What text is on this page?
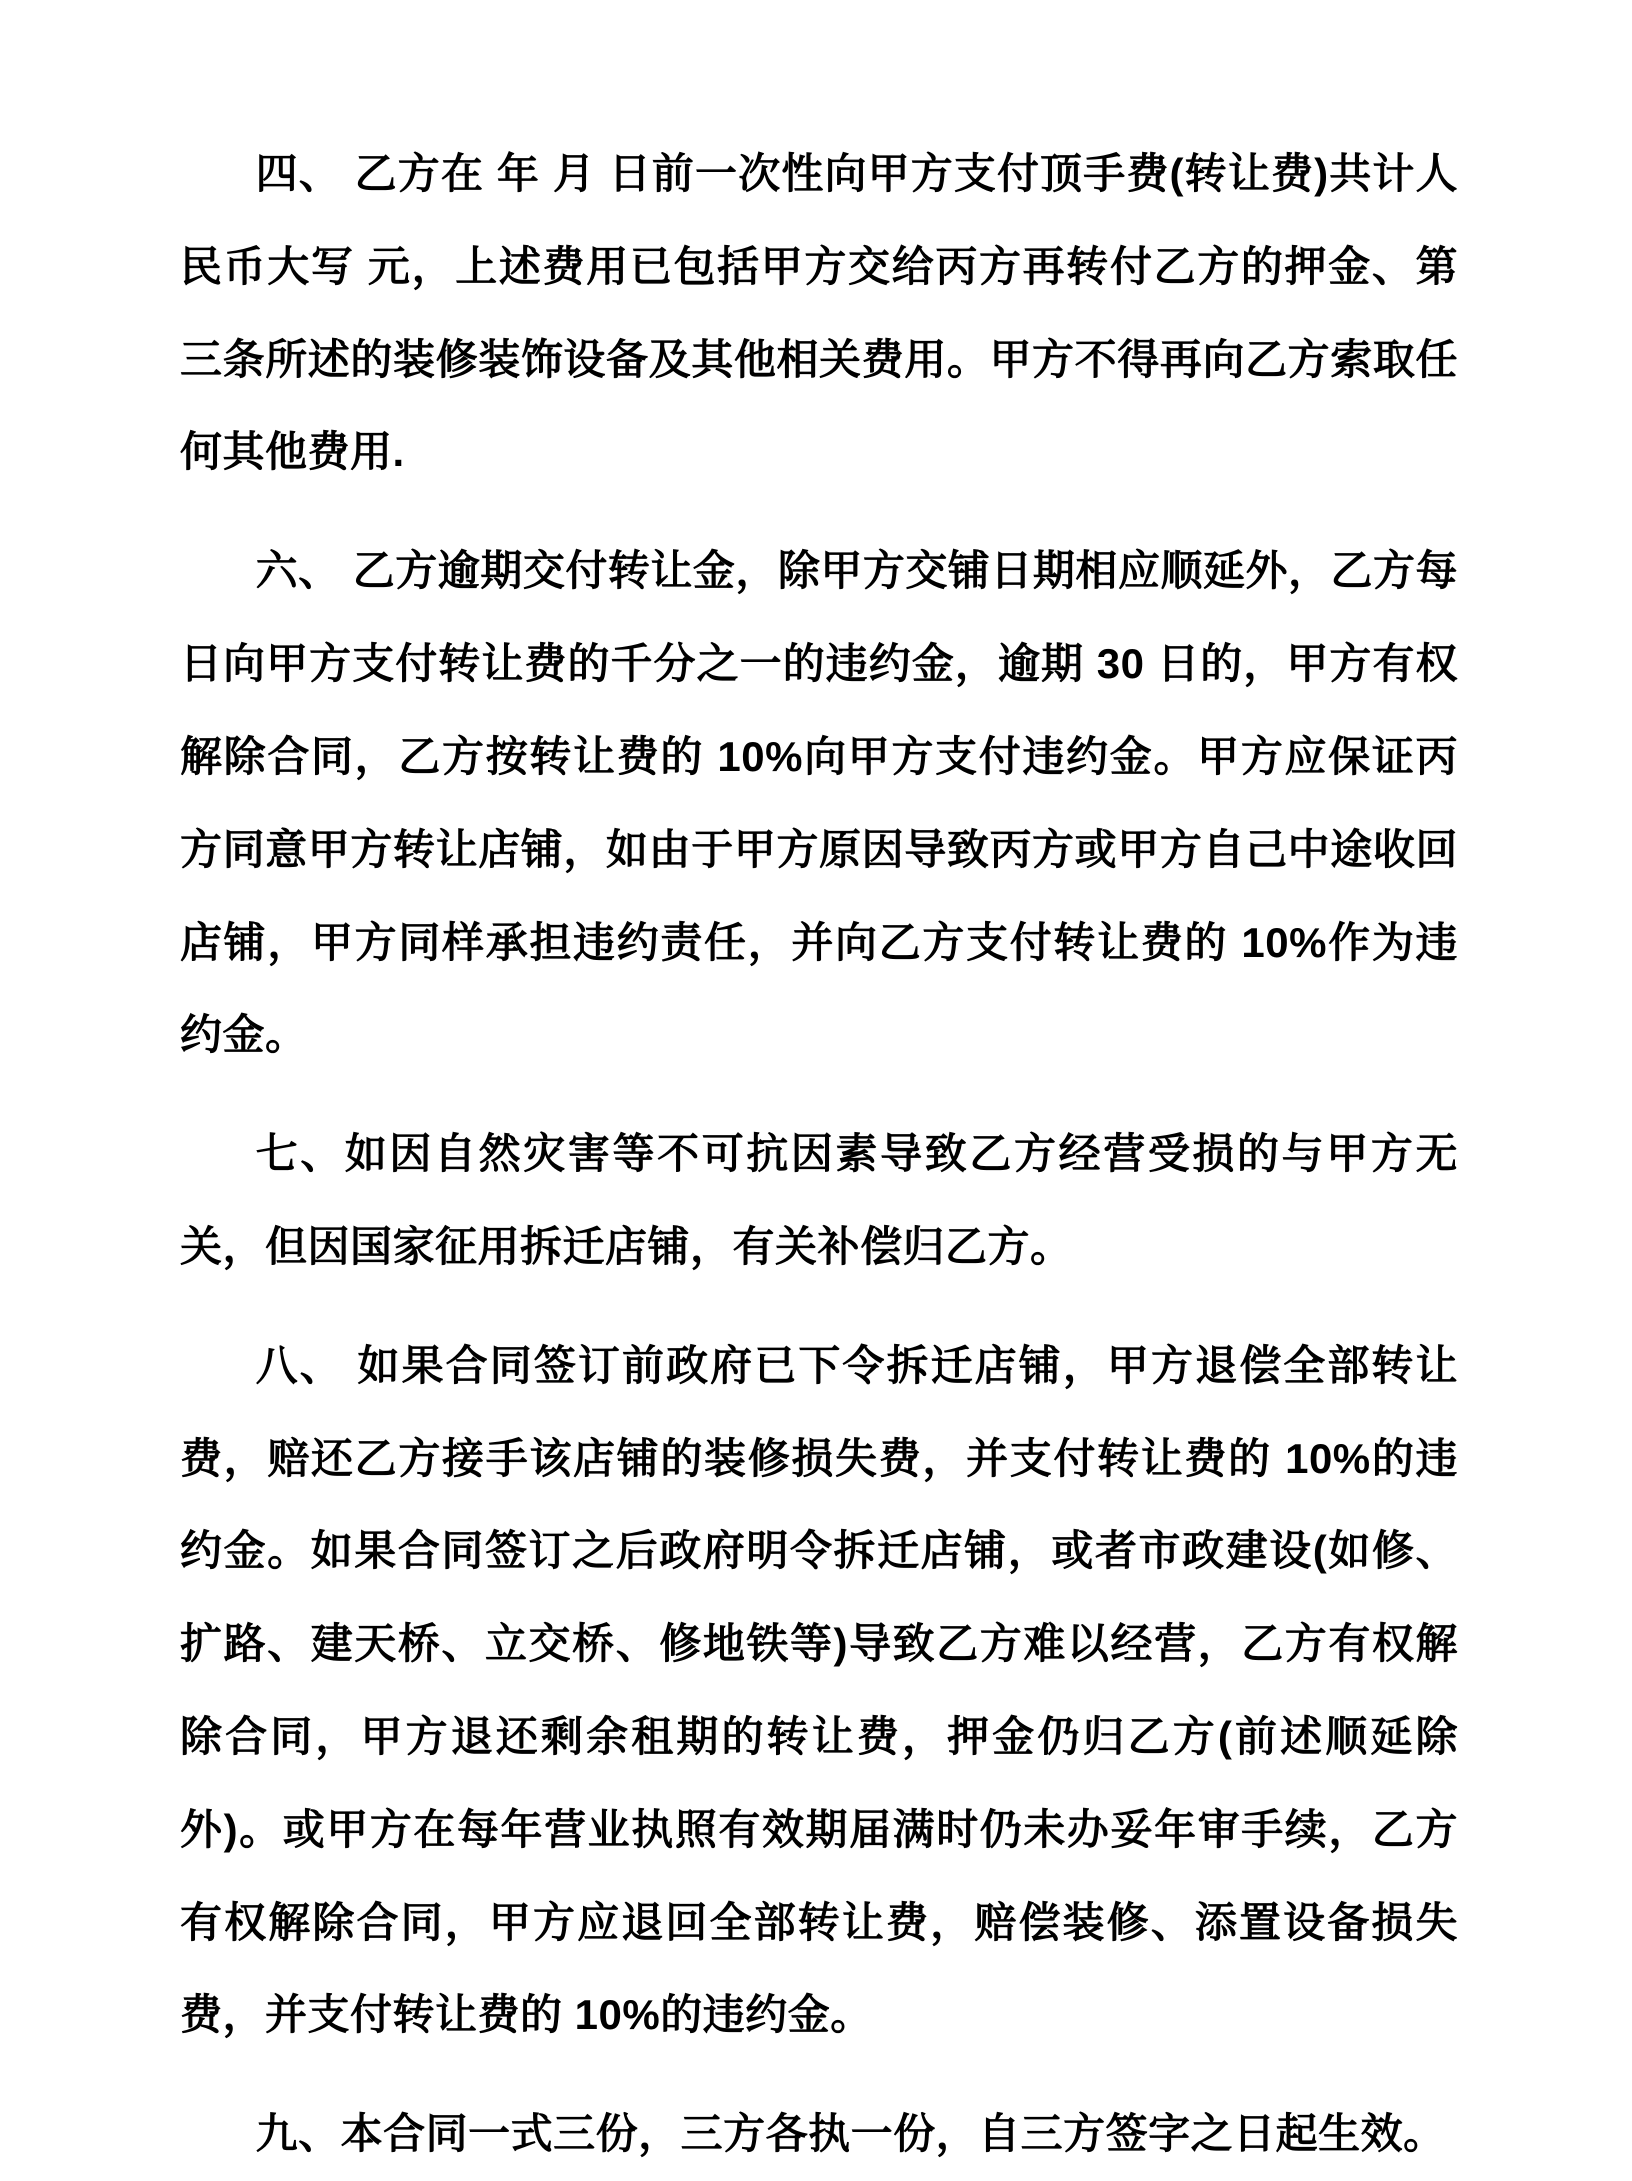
四、 乙方在 年 月 日前一次性向甲方支付顶手费(转让费)共计人民币大写 元，上述费用已包括甲方交给丙方再转付乙方的押金、第三条所述的装修装饰设备及其他相关费用。甲方不得再向乙方索取任何其他费用.

六、 乙方逾期交付转让金，除甲方交铺日期相应顺延外，乙方每日向甲方支付转让费的千分之一的违约金，逾期 30 日的，甲方有权解除合同，乙方按转让费的 10%向甲方支付违约金。甲方应保证丙方同意甲方转让店铺，如由于甲方原因导致丙方或甲方自己中途收回店铺，甲方同样承担违约责任，并向乙方支付转让费的 10%作为违约金。

七、如因自然灾害等不可抗因素导致乙方经营受损的与甲方无关，但因国家征用拆迁店铺，有关补偿归乙方。

八、 如果合同签订前政府已下令拆迁店铺，甲方退偿全部转让费，赔还乙方接手该店铺的装修损失费，并支付转让费的 10%的违约金。如果合同签订之后政府明令拆迁店铺，或者市政建设(如修、扩路、建天桥、立交桥、修地铁等)导致乙方难以经营，乙方有权解除合同，甲方退还剩余租期的转让费，押金仍归乙方(前述顺延除外)。或甲方在每年营业执照有效期届满时仍未办妥年审手续，乙方有权解除合同，甲方应退回全部转让费，赔偿装修、添置设备损失费，并支付转让费的 10%的违约金。

九、本合同一式三份，三方各执一份，自三方签字之日起生效。
